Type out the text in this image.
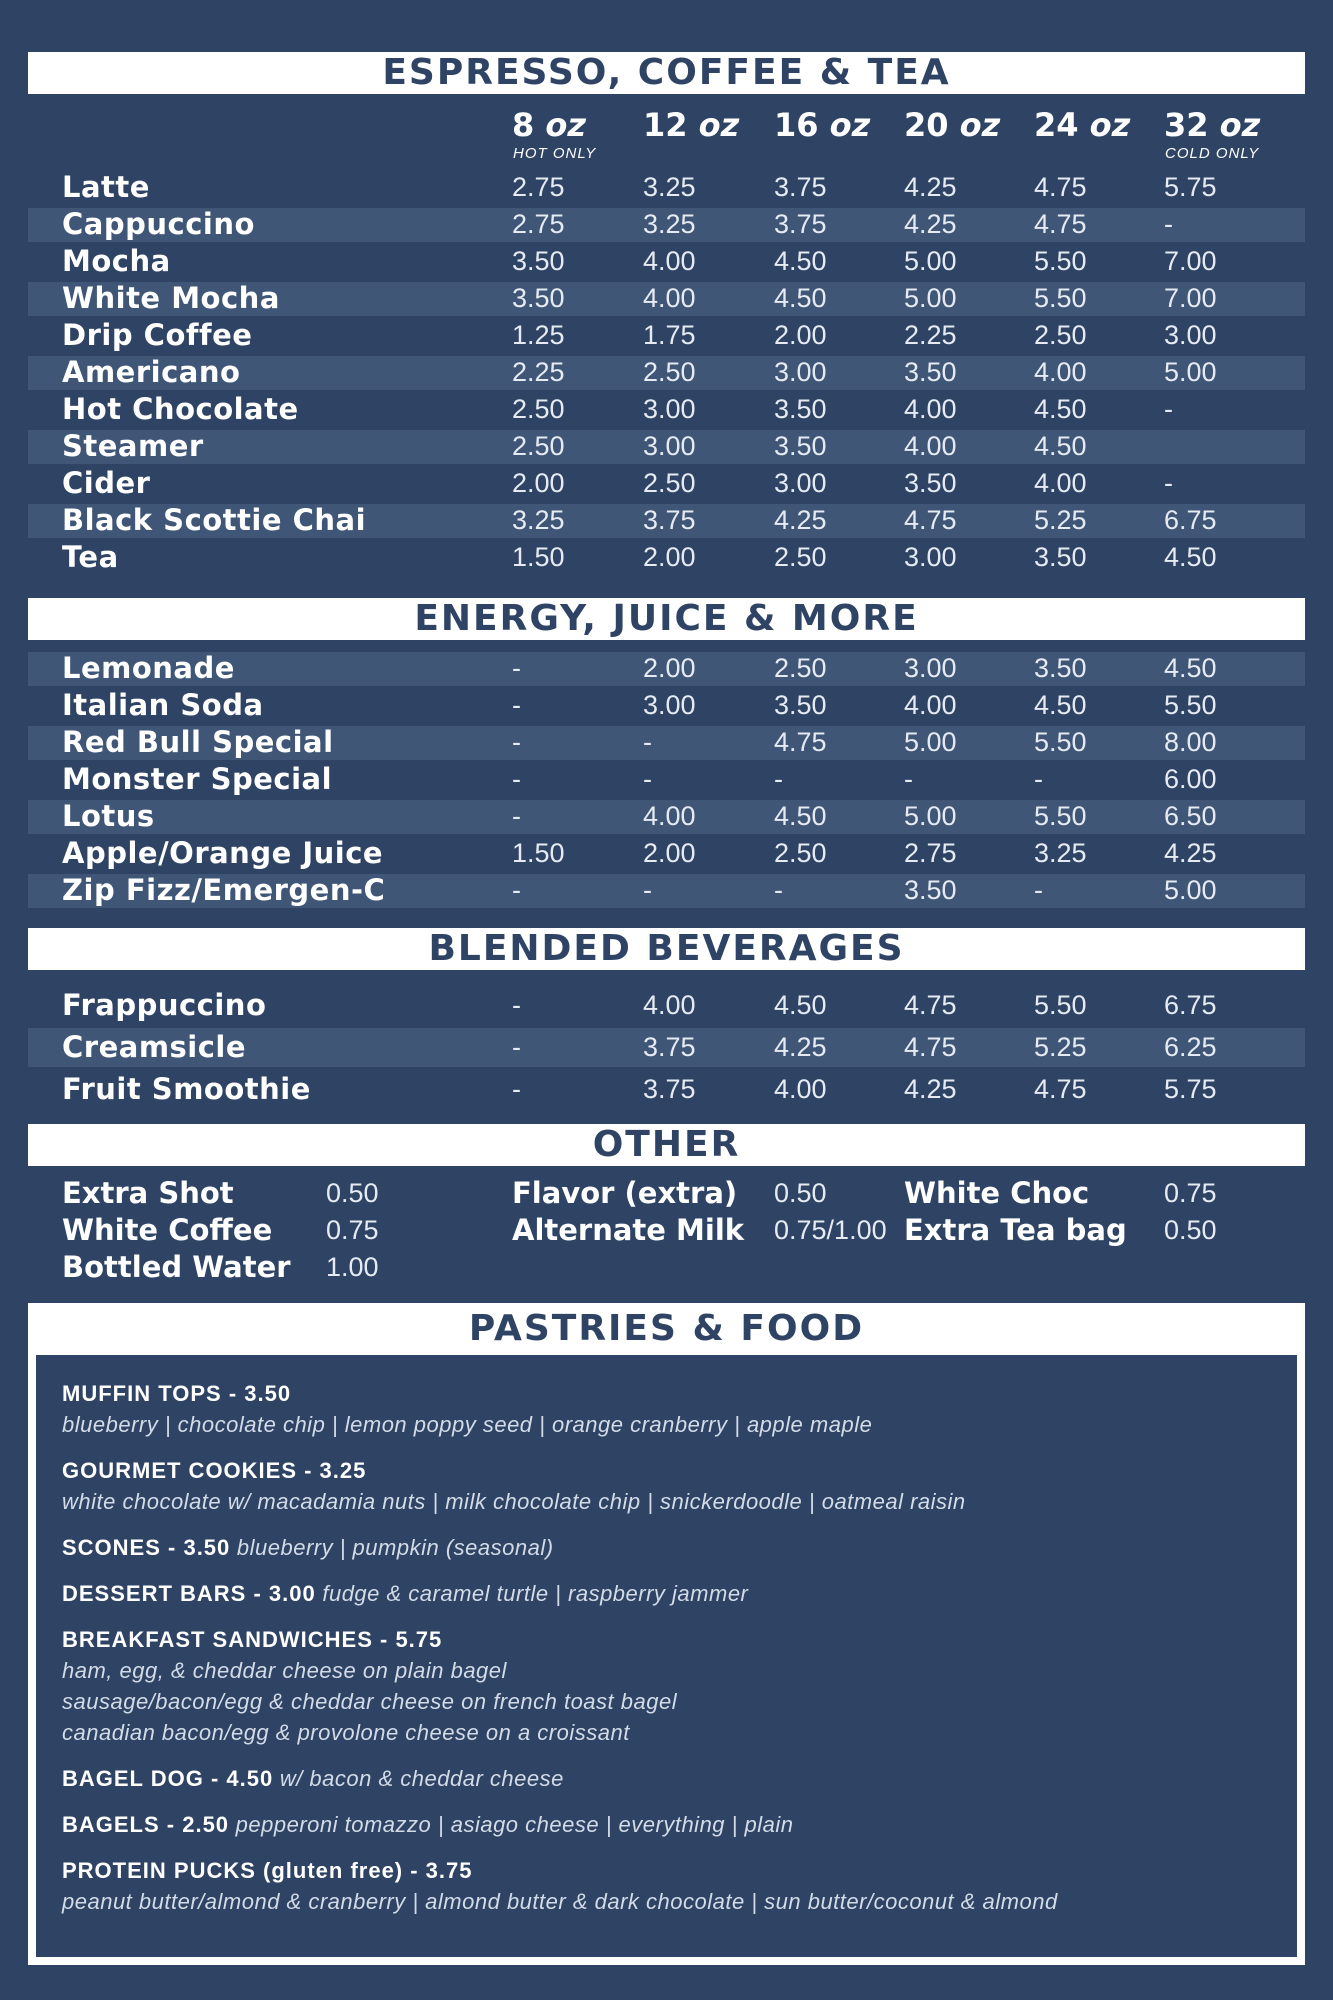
ESPRESSO, COFFEE & TEA
ENERGY, JUICE & MORE
BLENDED BEVERAGES
OTHER
PASTRIES & FOOD
8 oz
HOT ONLY
12 oz 16 oz 20 oz 24 oz 32 oz
COLD ONLY
Latte	2.75	3.25	3.75	4.25	4.75	5.75
Cappuccino	2.75	3.25	3.75	4.25	4.75	-
Mocha	3.50	4.00	4.50	5.00	5.50	7.00
White Mocha	3.50	4.00	4.50	5.00	5.50	7.00
Drip Coffee	1.25	1.75	2.00	2.25	2.50	3.00
Americano	2.25	2.50	3.00	3.50	4.00	5.00
Hot Chocolate	2.50	3.00	3.50	4.00	4.50	-
Steamer	2.50	3.00	3.50	4.00	4.50
Cider	2.00	2.50	3.00	3.50	4.00	-
Black Scottie Chai	3.25	3.75	4.25	4.75	5.25	6.75
Tea	1.50	2.00	2.50	3.00	3.50	4.50
Lemonade	-	2.00	2.50	3.00	3.50	4.50
Italian Soda	-	3.00	3.50	4.00	4.50	5.50
Red Bull Special	-	-	4.75	5.00	5.50	8.00
Monster Special	-	-	-	-	-	6.00
Lotus	-	4.00	4.50	5.00	5.50	6.50
Apple/Orange Juice	1.50	2.00	2.50	2.75	3.25	4.25
Zip Fizz/Emergen-C	-	-	-	3.50	-	5.00
Frappuccino	-	4.00	4.50	4.75	5.50	6.75
Creamsicle	-	3.75	4.25	4.75	5.25	6.25
Fruit Smoothie	-	3.75	4.00	4.25	4.75	5.75
Extra Shot	0.50
White Coffee 0.75
Bottled Water 1.00
Flavor (extra) 0.50
Alternate Milk 0.75/1.00
White Choc	0.75
Extra Tea bag 0.50
MUFFIN TOPS - 3.50
blueberry | chocolate chip | lemon poppy seed | orange cranberry | apple maple
GOURMET COOKIES - 3.25
white chocolate w/ macadamia nuts | milk chocolate chip | snickerdoodle | oatmeal raisin
SCONES - 3.50 blueberry | pumpkin (seasonal)
DESSERT BARS - 3.00 fudge & caramel turtle | raspberry jammer
BREAKFAST SANDWICHES - 5.75
ham, egg, & cheddar cheese on plain bagel
sausage/bacon/egg & cheddar cheese on french toast bagel
canadian bacon/egg & provolone cheese on a croissant
BAGEL DOG - 4.50 w/ bacon & cheddar cheese
BAGELS - 2.50 pepperoni tomazzo | asiago cheese | everything | plain
PROTEIN PUCKS (gluten free) - 3.75
peanut butter/almond & cranberry | almond butter & dark chocolate | sun butter/coconut & almond
